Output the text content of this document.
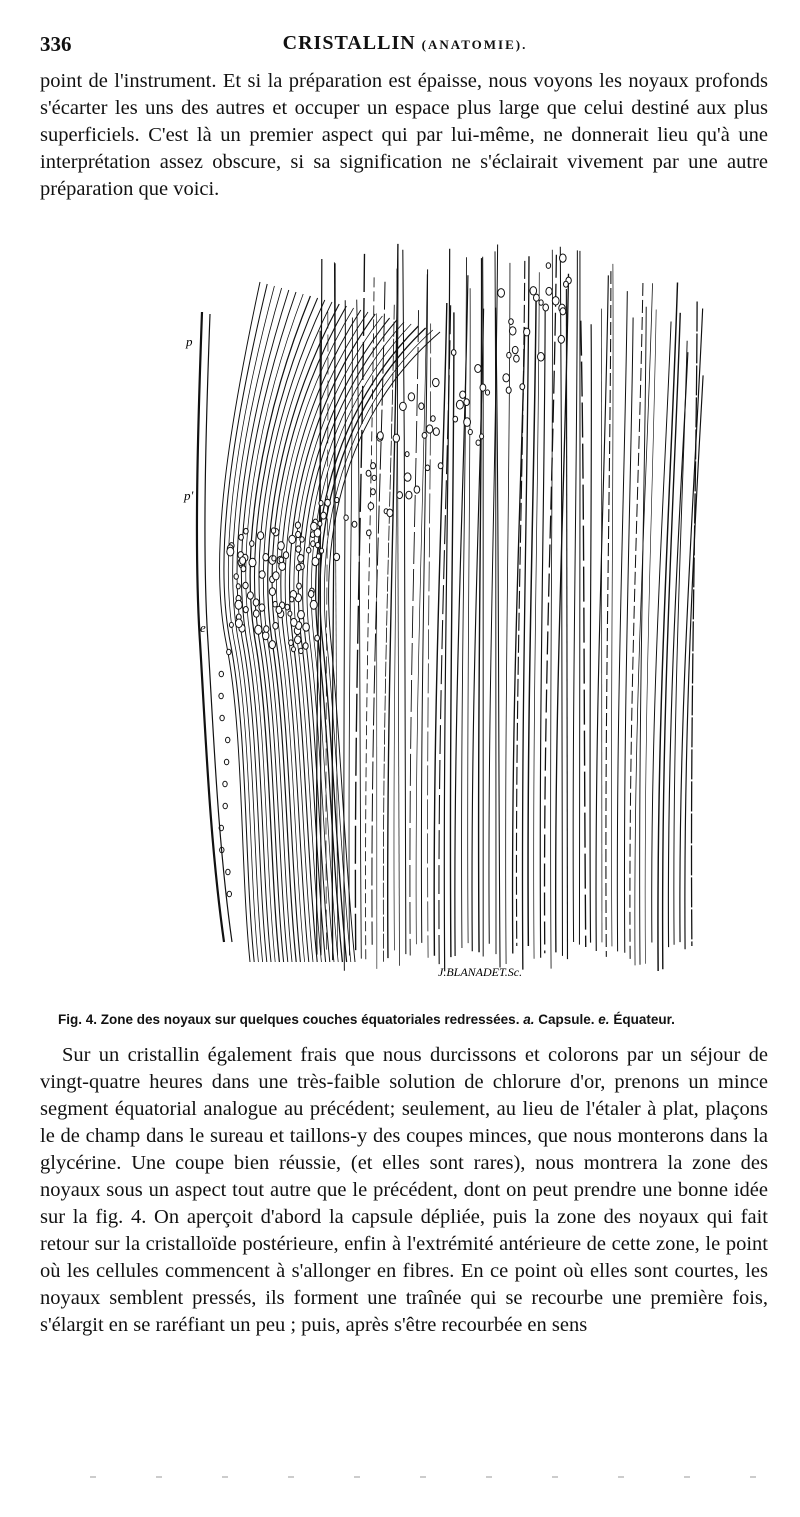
336	CRISTALLIN (ANATOMIE).

point de l'instrument. Et si la préparation est épaisse, nous voyons les noyaux profonds s'écarter les uns des autres et occuper un espace plus large que celui destiné aux plus superficiels. C'est là un premier aspect qui par lui-même, ne donnerait lieu qu'à une interprétation assez obscure, si sa signification ne s'éclairait vivement par une autre préparation que voici.

p
p'
e
J.BLANADET.Sc.
Fig. 4. Zone des noyaux sur quelques couches équatoriales redressées. a. Capsule. e. Équateur.

Sur un cristallin également frais que nous durcissons et colorons par un séjour de vingt-quatre heures dans une très-faible solution de chlorure d'or, prenons un mince segment équatorial analogue au précédent; seulement, au lieu de l'étaler à plat, plaçons le de champ dans le sureau et taillons-y des coupes minces, que nous monterons dans la glycérine. Une coupe bien réussie, (et elles sont rares), nous montrera la zone des noyaux sous un aspect tout autre que le précédent, dont on peut prendre une bonne idée sur la fig. 4. On aperçoit d'abord la capsule dépliée, puis la zone des noyaux qui fait retour sur la cristalloïde postérieure, enfin à l'extrémité antérieure de cette zone, le point où les cellules commencent à s'allonger en fibres. En ce point où elles sont courtes, les noyaux semblent pressés, ils forment une traînée qui se recourbe une première fois, s'élargit en se raréfiant un peu ; puis, après s'être recourbée en sens
